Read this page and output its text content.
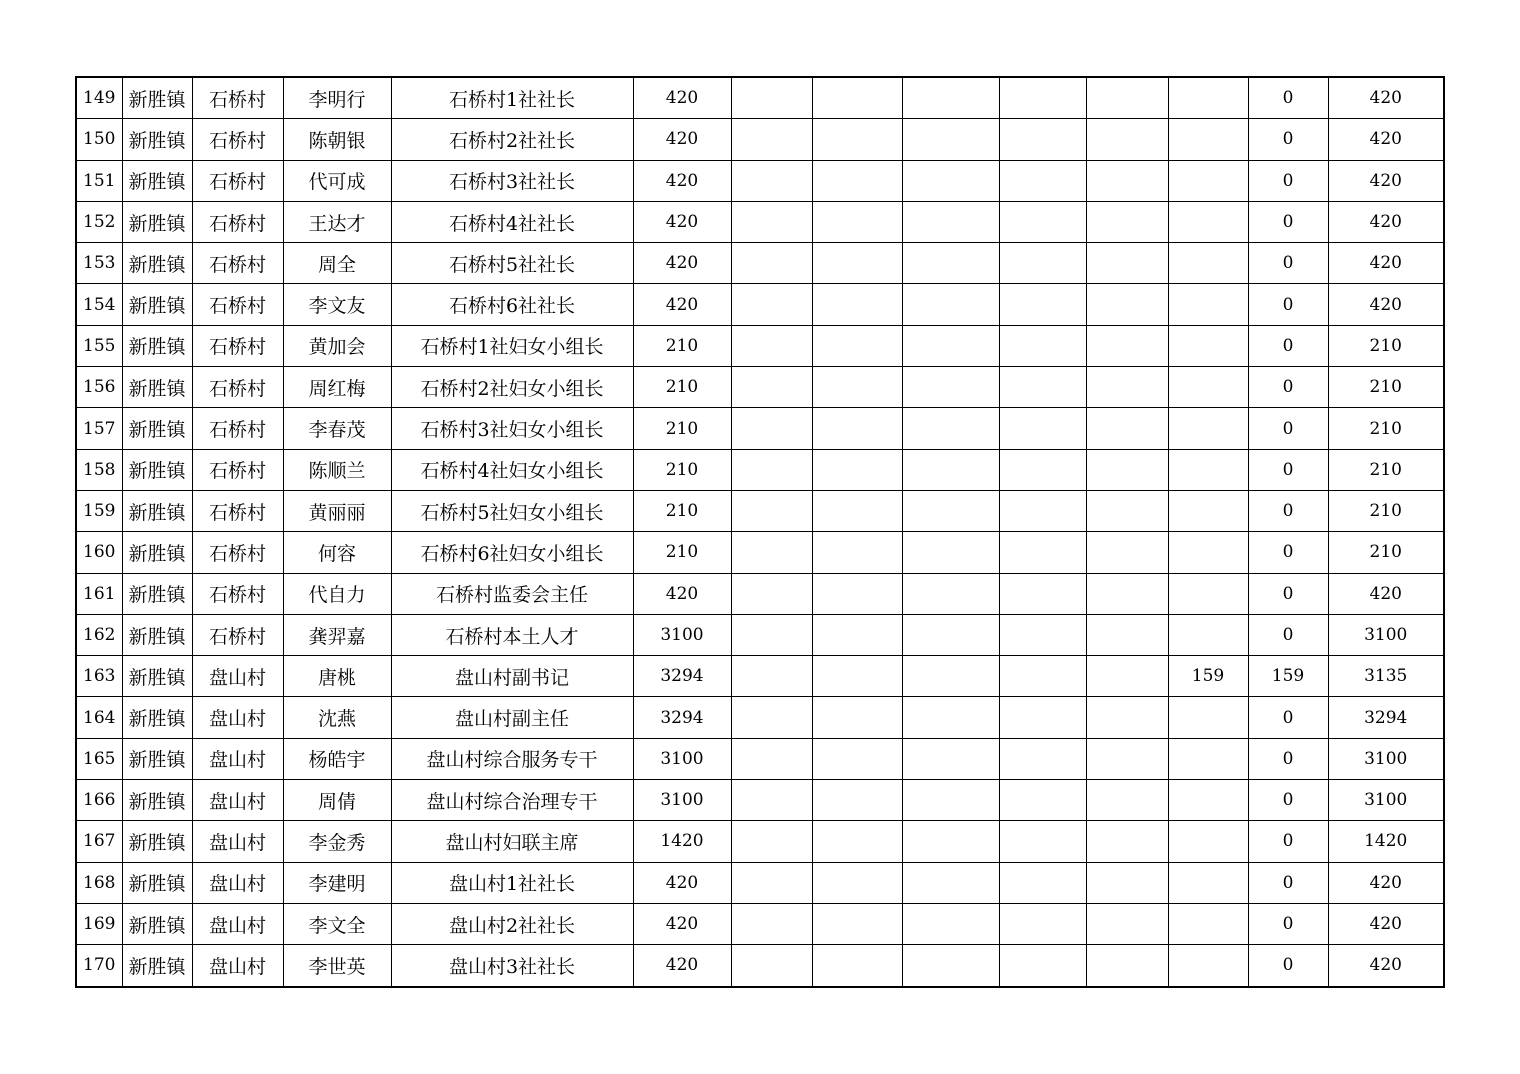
149	新胜镇	石桥村	李明行	石桥村1社社长	420							0	420
150	新胜镇	石桥村	陈朝银	石桥村2社社长	420							0	420
151	新胜镇	石桥村	代可成	石桥村3社社长	420							0	420
152	新胜镇	石桥村	王达才	石桥村4社社长	420							0	420
153	新胜镇	石桥村	周全	石桥村5社社长	420							0	420
154	新胜镇	石桥村	李文友	石桥村6社社长	420							0	420
155	新胜镇	石桥村	黄加会	石桥村1社妇女小组长	210							0	210
156	新胜镇	石桥村	周红梅	石桥村2社妇女小组长	210							0	210
157	新胜镇	石桥村	李春茂	石桥村3社妇女小组长	210							0	210
158	新胜镇	石桥村	陈顺兰	石桥村4社妇女小组长	210							0	210
159	新胜镇	石桥村	黄丽丽	石桥村5社妇女小组长	210							0	210
160	新胜镇	石桥村	何容	石桥村6社妇女小组长	210							0	210
161	新胜镇	石桥村	代自力	石桥村监委会主任	420							0	420
162	新胜镇	石桥村	龚羿嘉	石桥村本土人才	3100							0	3100
163	新胜镇	盘山村	唐桃	盘山村副书记	3294						159	159	3135
164	新胜镇	盘山村	沈燕	盘山村副主任	3294							0	3294
165	新胜镇	盘山村	杨皓宇	盘山村综合服务专干	3100							0	3100
166	新胜镇	盘山村	周倩	盘山村综合治理专干	3100							0	3100
167	新胜镇	盘山村	李金秀	盘山村妇联主席	1420							0	1420
168	新胜镇	盘山村	李建明	盘山村1社社长	420							0	420
169	新胜镇	盘山村	李文全	盘山村2社社长	420							0	420
170	新胜镇	盘山村	李世英	盘山村3社社长	420							0	420
